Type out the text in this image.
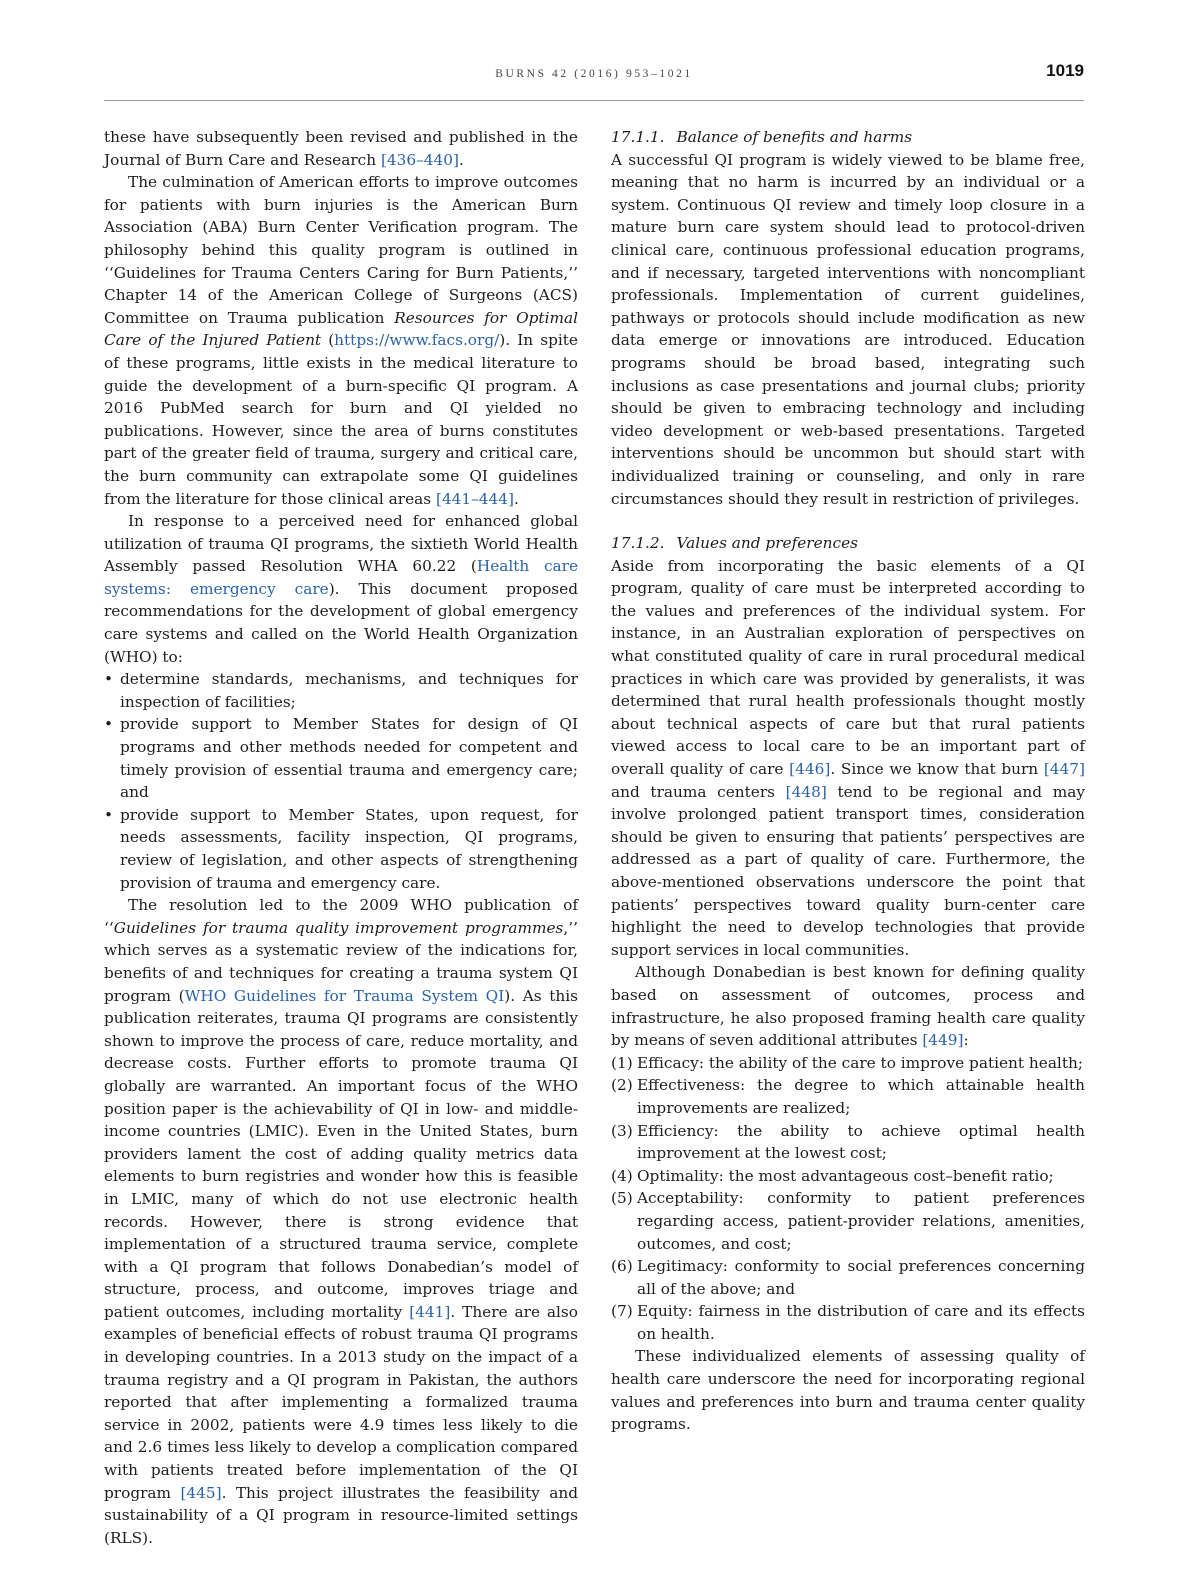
BURNS 42 (2016) 953–1021	1019

these have subsequently been revised and published in the Journal of Burn Care and Research [436–440].

The culmination of American efforts to improve outcomes for patients with burn injuries is the American Burn Association (ABA) Burn Center Verification program. The philosophy behind this quality program is outlined in ‘‘Guidelines for Trauma Centers Caring for Burn Patients,’’ Chapter 14 of the American College of Surgeons (ACS) Committee on Trauma publication Resources for Optimal Care of the Injured Patient (https://www.facs.org/). In spite of these programs, little exists in the medical literature to guide the development of a burn-specific QI program. A 2016 PubMed search for burn and QI yielded no publications. However, since the area of burns constitutes part of the greater field of trauma, surgery and critical care, the burn community can extrapolate some QI guidelines from the literature for those clinical areas [441–444].

In response to a perceived need for enhanced global utilization of trauma QI programs, the sixtieth World Health Assembly passed Resolution WHA 60.22 (Health care systems: emergency care). This document proposed recommendations for the development of global emergency care systems and called on the World Health Organization (WHO) to:

• determine standards, mechanisms, and techniques for inspection of facilities;
• provide support to Member States for design of QI programs and other methods needed for competent and timely provision of essential trauma and emergency care; and
• provide support to Member States, upon request, for needs assessments, facility inspection, QI programs, review of legislation, and other aspects of strengthening provision of trauma and emergency care.

The resolution led to the 2009 WHO publication of ‘‘Guidelines for trauma quality improvement programmes,’’ which serves as a systematic review of the indications for, benefits of and techniques for creating a trauma system QI program (WHO Guidelines for Trauma System QI). As this publication reiterates, trauma QI programs are consistently shown to improve the process of care, reduce mortality, and decrease costs. Further efforts to promote trauma QI globally are warranted. An important focus of the WHO position paper is the achievability of QI in low- and middle-income countries (LMIC). Even in the United States, burn providers lament the cost of adding quality metrics data elements to burn registries and wonder how this is feasible in LMIC, many of which do not use electronic health records. However, there is strong evidence that implementation of a structured trauma service, complete with a QI program that follows Donabedian’s model of structure, process, and outcome, improves triage and patient outcomes, including mortality [441]. There are also examples of beneficial effects of robust trauma QI programs in developing countries. In a 2013 study on the impact of a trauma registry and a QI program in Pakistan, the authors reported that after implementing a formalized trauma service in 2002, patients were 4.9 times less likely to die and 2.6 times less likely to develop a complication compared with patients treated before implementation of the QI program [445]. This project illustrates the feasibility and sustainability of a QI program in resource-limited settings (RLS).

17.1.1. Balance of benefits and harms

A successful QI program is widely viewed to be blame free, meaning that no harm is incurred by an individual or a system. Continuous QI review and timely loop closure in a mature burn care system should lead to protocol-driven clinical care, continuous professional education programs, and if necessary, targeted interventions with noncompliant professionals. Implementation of current guidelines, pathways or protocols should include modification as new data emerge or innovations are introduced. Education programs should be broad based, integrating such inclusions as case presentations and journal clubs; priority should be given to embracing technology and including video development or web-based presentations. Targeted interventions should be uncommon but should start with individualized training or counseling, and only in rare circumstances should they result in restriction of privileges.

17.1.2. Values and preferences

Aside from incorporating the basic elements of a QI program, quality of care must be interpreted according to the values and preferences of the individual system. For instance, in an Australian exploration of perspectives on what constituted quality of care in rural procedural medical practices in which care was provided by generalists, it was determined that rural health professionals thought mostly about technical aspects of care but that rural patients viewed access to local care to be an important part of overall quality of care [446]. Since we know that burn [447] and trauma centers [448] tend to be regional and may involve prolonged patient transport times, consideration should be given to ensuring that patients’ perspectives are addressed as a part of quality of care. Furthermore, the above-mentioned observations underscore the point that patients’ perspectives toward quality burn-center care highlight the need to develop technologies that provide support services in local communities.

Although Donabedian is best known for defining quality based on assessment of outcomes, process and infrastructure, he also proposed framing health care quality by means of seven additional attributes [449]:

(1) Efficacy: the ability of the care to improve patient health;
(2) Effectiveness: the degree to which attainable health improvements are realized;
(3) Efficiency: the ability to achieve optimal health improvement at the lowest cost;
(4) Optimality: the most advantageous cost–benefit ratio;
(5) Acceptability: conformity to patient preferences regarding access, patient-provider relations, amenities, outcomes, and cost;
(6) Legitimacy: conformity to social preferences concerning all of the above; and
(7) Equity: fairness in the distribution of care and its effects on health.

These individualized elements of assessing quality of health care underscore the need for incorporating regional values and preferences into burn and trauma center quality programs.
